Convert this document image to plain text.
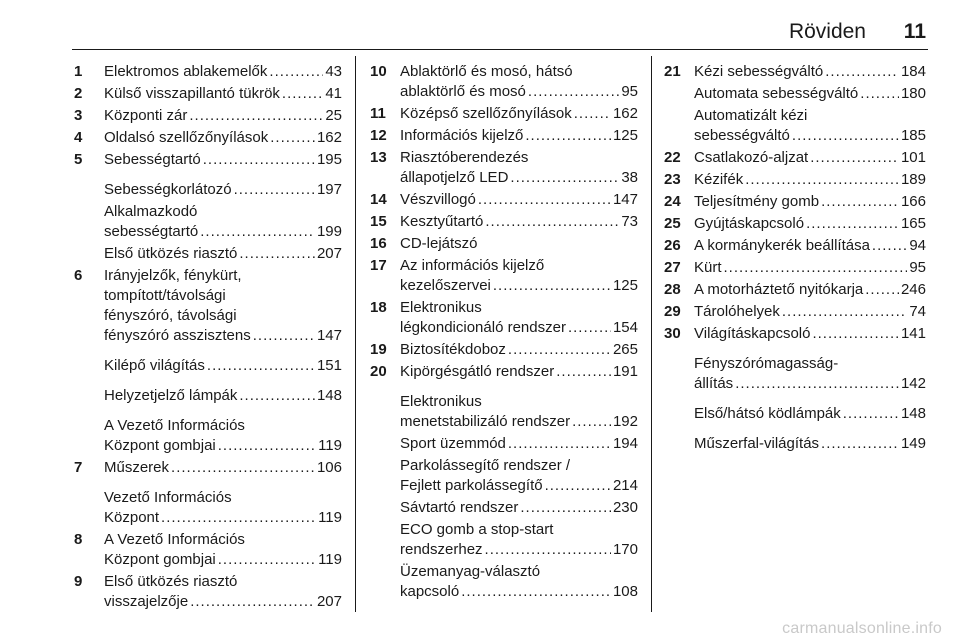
Röviden 11
1	Elektromos ablakemelők .....	43
2	Külső visszapillantó tükrök .....	41
3	Központi zár .....	25
4	Oldalsó szellőzőnyílások .....	162
5	Sebességtartó .....	195
Sebességkorlátozó .....	197
Alkalmazkodó
sebességtartó .....	199
Első ütközés riasztó .....	207
6	Irányjelzők, fénykürt,
tompított/távolsági
fényszóró, távolsági
fényszóró asszisztens .....	147
Kilépő világítás .....	151
Helyzetjelző lámpák .....	148
A Vezető Információs
Központ gombjai .....	119
7	Műszerek .....	106
Vezető Információs
Központ .....	119
8	A Vezető Információs
Központ gombjai .....	119
9	Első ütközés riasztó
visszajelzője .....	207
10 Ablaktörlő és mosó, hátsó
ablaktörlő és mosó .....	95
11 Középső szellőzőnyílások .....	162
12 Információs kijelző .....	125
13 Riasztóberendezés
állapotjelző LED .....	38
14 Vészvillogó .....	147
15 Kesztyűtartó .....	73
16 CD-lejátszó
17 Az információs kijelző
kezelőszervei .....	125
18 Elektronikus
légkondicionáló rendszer .....	154
19 Biztosítékdoboz .....	265
20 Kipörgésgátló rendszer .....	191
Elektronikus
menetstabilizáló rendszer .....	192
Sport üzemmód .....	194
Parkolássegítő rendszer /
Fejlett parkolássegítő .....	214
Sávtartó rendszer .....	230
ECO gomb a stop-start
rendszerhez .....	170
Üzemanyag-választó
kapcsoló .....	108
21 Kézi sebességváltó .....	184
Automata sebességváltó .....	180
Automatizált kézi
sebességváltó .....	185
22 Csatlakozó-aljzat .....	101
23 Kézifék .....	189
24 Teljesítmény gomb .....	166
25 Gyújtáskapcsoló .....	165
26 A kormánykerék beállítása .....	94
27 Kürt .....	95
28 A motorháztető nyitókarja .....	246
29 Tárolóhelyek .....	74
30 Világításkapcsoló .....	141
Fényszórómagasság-
állítás .....	142
Első/hátsó ködlámpák .....	148
Műszerfal-világítás .....	149
carmanualsonline.info
